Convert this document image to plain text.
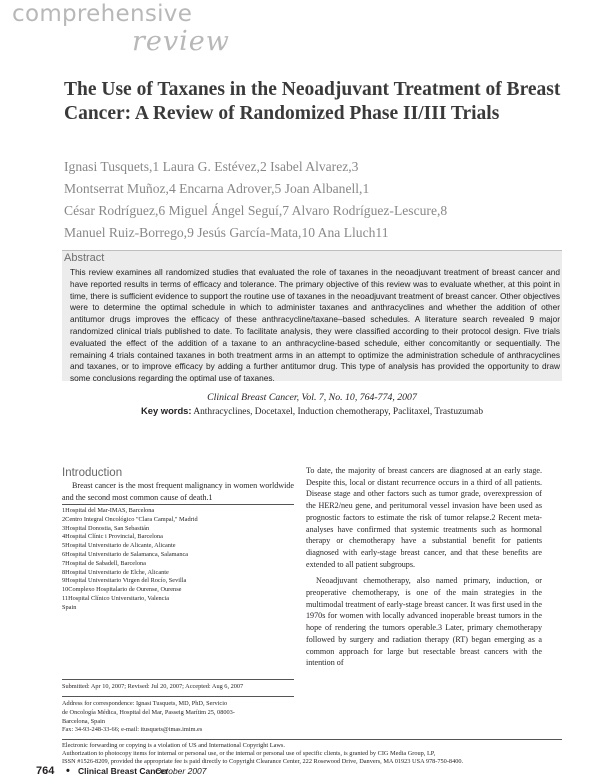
comprehensive
review
The Use of Taxanes in the Neoadjuvant Treatment of Breast Cancer: A Review of Randomized Phase II/III Trials
Ignasi Tusquets,1 Laura G. Estévez,2 Isabel Alvarez,3
Montserrat Muñoz,4 Encarna Adrover,5 Joan Albanell,1
César Rodríguez,6 Miguel Ángel Seguí,7 Alvaro Rodríguez-Lescure,8
Manuel Ruiz-Borrego,9 Jesús García-Mata,10 Ana Lluch11
Abstract
This review examines all randomized studies that evaluated the role of taxanes in the neoadjuvant treatment of breast cancer and have reported results in terms of efficacy and tolerance. The primary objective of this review was to evaluate whether, at this point in time, there is sufficient evidence to support the routine use of taxanes in the neoadjuvant treatment of breast cancer. Other objectives were to determine the optimal schedule in which to administer taxanes and anthracyclines and whether the addition of other antitumor drugs improves the efficacy of these anthracycline/taxane–based schedules. A literature search revealed 9 major randomized clinical trials published to date. To facilitate analysis, they were classified according to their protocol design. Five trials evaluated the effect of the addition of a taxane to an anthracycline-based schedule, either concomitantly or sequentially. The remaining 4 trials contained taxanes in both treatment arms in an attempt to optimize the administration schedule of anthracyclines and taxanes, or to improve efficacy by adding a further antitumor drug. This type of analysis has provided the opportunity to draw some conclusions regarding the optimal use of taxanes.
Clinical Breast Cancer, Vol. 7, No. 10, 764-774, 2007
Key words: Anthracyclines, Docetaxel, Induction chemotherapy, Paclitaxel, Trastuzumab
Introduction
Breast cancer is the most frequent malignancy in women worldwide and the second most common cause of death.1
1Hospital del Mar-IMAS, Barcelona
2Centro Integral Oncológico "Clara Campal," Madrid
3Hospital Donostia, San Sebastián
4Hospital Clínic i Provincial, Barcelona
5Hospital Universitario de Alicante, Alicante
6Hospital Universitario de Salamanca, Salamanca
7Hospital de Sabadell, Barcelona
8Hospital Universitario de Elche, Alicante
9Hospital Universitario Virgen del Rocío, Sevilla
10Complexo Hospitalario de Ourense, Ourense
11Hospital Clínico Universitario, Valencia
Spain
Submitted: Apr 10, 2007; Revised: Jul 20, 2007; Accepted: Aug 6, 2007
Address for correspondence: Ignasi Tusquets, MD, PhD, Servicio
de Oncología Médica, Hospital del Mar, Passeig Marítim 25, 08003-
Barcelona, Spain
Fax: 34-93-248-33-66; e-mail: itusquets@imas.imim.es

To date, the majority of breast cancers are diagnosed at an early stage. Despite this, local or distant recurrence occurs in a third of all patients. Disease stage and other factors such as tumor grade, overexpression of the HER2/neu gene, and peritumoral vessel invasion have been used as prognostic factors to estimate the risk of tumor relapse.2 Recent meta-analyses have confirmed that systemic treatments such as hormonal therapy or chemotherapy have a substantial benefit for patients diagnosed with early-stage breast cancer, and that these benefits are extended to all patient subgroups.

Neoadjuvant chemotherapy, also named primary, induction, or preoperative chemotherapy, is one of the main strategies in the multimodal treatment of early-stage breast cancer. It was first used in the 1970s for women with locally advanced inoperable breast tumors in the hope of rendering the tumors operable.3 Later, primary chemotherapy followed by surgery and radiation therapy (RT) began emerging as a common approach for large but resectable breast cancers with the intention of

Electronic forwarding or copying is a violation of US and International Copyright Laws.
Authorization to photocopy items for internal or personal use, or the internal or personal use of specific clients, is granted by CIG Media Group, LP,
ISSN #1526-8209, provided the appropriate fee is paid directly to Copyright Clearance Center, 222 Rosewood Drive, Danvers, MA 01923 USA 978-750-8400.
764 • Clinical Breast Cancer
October 2007
